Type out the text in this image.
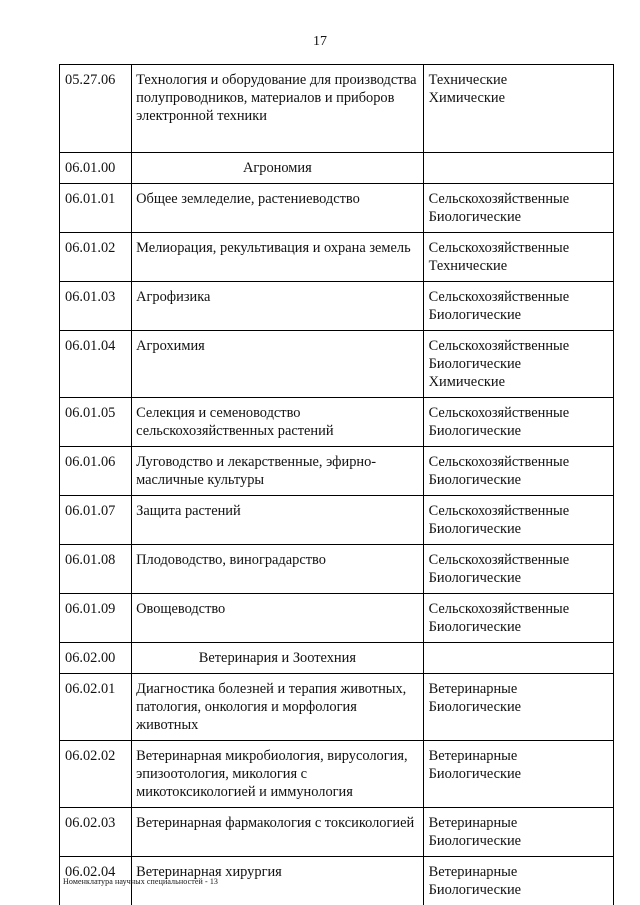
17
05.27.06	Технология и оборудование для производства полупроводников, материалов и приборов электронной техники	Технические
Химические

06.01.00	Агрономия	
06.01.01	Общее земледелие, растениеводство	Сельскохозяйственные
Биологические

06.01.02	Мелиорация, рекультивация и охрана земель	Сельскохозяйственные
Технические

06.01.03	Агрофизика	Сельскохозяйственные
Биологические

06.01.04	Агрохимия	Сельскохозяйственные
Биологические
Химические

06.01.05	Селекция и семеноводство сельскохозяйственных растений	Сельскохозяйственные
Биологические

06.01.06	Луговодство и лекарственные, эфирно-масличные культуры	Сельскохозяйственные
Биологические

06.01.07	Защита растений	Сельскохозяйственные
Биологические

06.01.08	Плодоводство, виноградарство	Сельскохозяйственные
Биологические

06.01.09	Овощеводство	Сельскохозяйственные
Биологические

06.02.00	Ветеринария и Зоотехния	
06.02.01	Диагностика болезней и терапия животных, патология, онкология и морфология животных	Ветеринарные
Биологические

06.02.02	Ветеринарная микробиология, вирусология, эпизоотология, микология с микотоксикологией и иммунология	Ветеринарные
Биологические

06.02.03	Ветеринарная фармакология с токсикологией	Ветеринарные
Биологические

06.02.04	Ветеринарная хирургия	Ветеринарные
Биологические
Номенклатура научных специальностей - 13
